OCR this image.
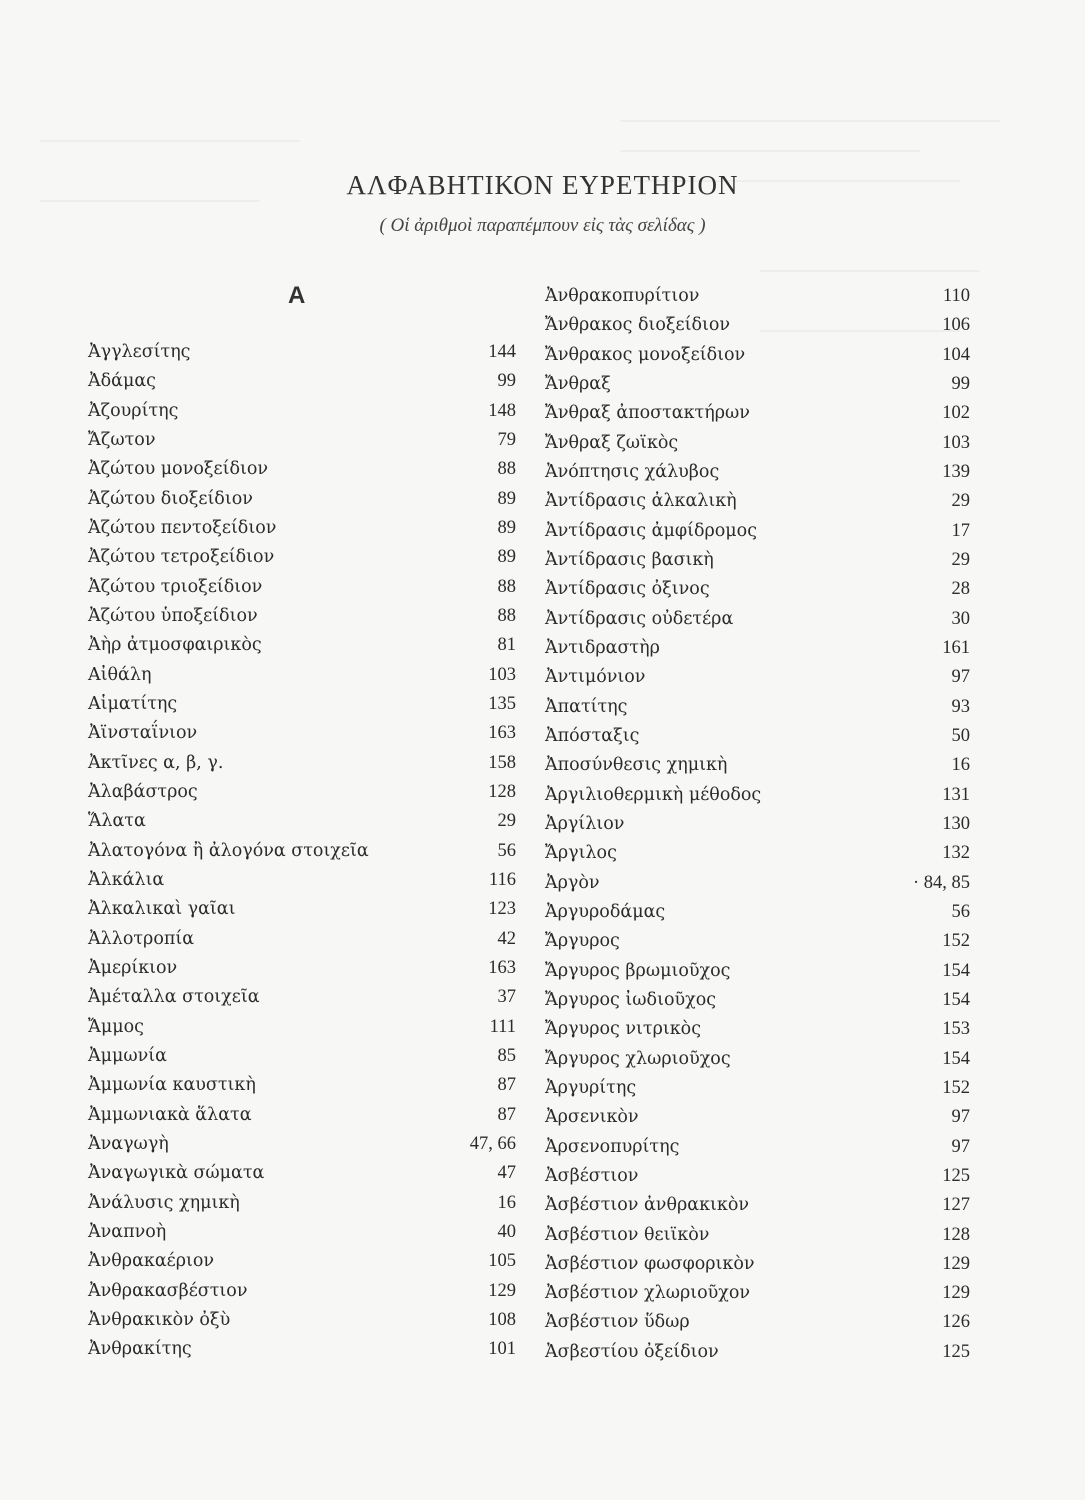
ΑΛΦΑΒΗΤΙΚΟΝ ΕΥΡΕΤΗΡΙΟΝ
( Οἱ ἀριθμοὶ παραπέμπουν εἰς τὰς σελίδας )
Α
Ἀγγλεσίτης	144
Ἀδάμας	99
Ἀζουρίτης	148
Ἄζωτον	79
Ἀζώτου μονοξείδιον	88
Ἀζώτου διοξείδιον	89
Ἀζώτου πεντοξείδιον	89
Ἀζώτου τετροξείδιον	89
Ἀζώτου τριοξείδιον	88
Ἀζώτου ὑποξείδιον	88
Ἀὴρ ἀτμοσφαιρικὸς	81
Αἰθάλη	103
Αἱματίτης	135
Ἀϊνσταΐνιον	163
Ἀκτῖνες α, β, γ.	158
Ἀλαβάστρος	128
Ἅλατα	29
Ἀλατογόνα ἢ ἀλογόνα στοιχεῖα	56
Ἀλκάλια	116
Ἀλκαλικαὶ γαῖαι	123
Ἀλλοτροπία	42
Ἀμερίκιον	163
Ἀμέταλλα στοιχεῖα	37
Ἄμμος	111
Ἀμμωνία	85
Ἀμμωνία καυστικὴ	87
Ἀμμωνιακὰ ἅλατα	87
Ἀναγωγὴ	47, 66
Ἀναγωγικὰ σώματα	47
Ἀνάλυσις χημικὴ	16
Ἀναπνοὴ	40
Ἀνθρακαέριον	105
Ἀνθρακασβέστιον	129
Ἀνθρακικὸν ὀξὺ	108
Ἀνθρακίτης	101
Ἀνθρακοπυρίτιον	110
Ἄνθρακος διοξείδιον	106
Ἄνθρακος μονοξείδιον	104
Ἄνθραξ	99
Ἄνθραξ ἀποστακτήρων	102
Ἄνθραξ ζωϊκὸς	103
Ἀνόπτησις χάλυβος	139
Ἀντίδρασις ἀλκαλικὴ	29
Ἀντίδρασις ἀμφίδρομος	17
Ἀντίδρασις βασικὴ	29
Ἀντίδρασις ὀξινος	28
Ἀντίδρασις οὐδετέρα	30
Ἀντιδραστὴρ	161
Ἀντιμόνιον	97
Ἀπατίτης	93
Ἀπόσταξις	50
Ἀποσύνθεσις χημικὴ	16
Ἀργιλιοθερμικὴ μέθοδος	131
Ἀργίλιον	130
Ἄργιλος	132
Ἀργὸν	· 84, 85
Ἀργυροδάμας	56
Ἄργυρος	152
Ἄργυρος βρωμιοῦχος	154
Ἄργυρος ἰωδιοῦχος	154
Ἄργυρος νιτρικὸς	153
Ἄργυρος χλωριοῦχος	154
Ἀργυρίτης	152
Ἀρσενικὸν	97
Ἀρσενοπυρίτης	97
Ἀσβέστιον	125
Ἀσβέστιον ἀνθρακικὸν	127
Ἀσβέστιον θειϊκὸν	128
Ἀσβέστιον φωσφορικὸν	129
Ἀσβέστιον χλωριοῦχον	129
Ἀσβέστιον ὕδωρ	126
Ἀσβεστίου ὀξείδιον	125
